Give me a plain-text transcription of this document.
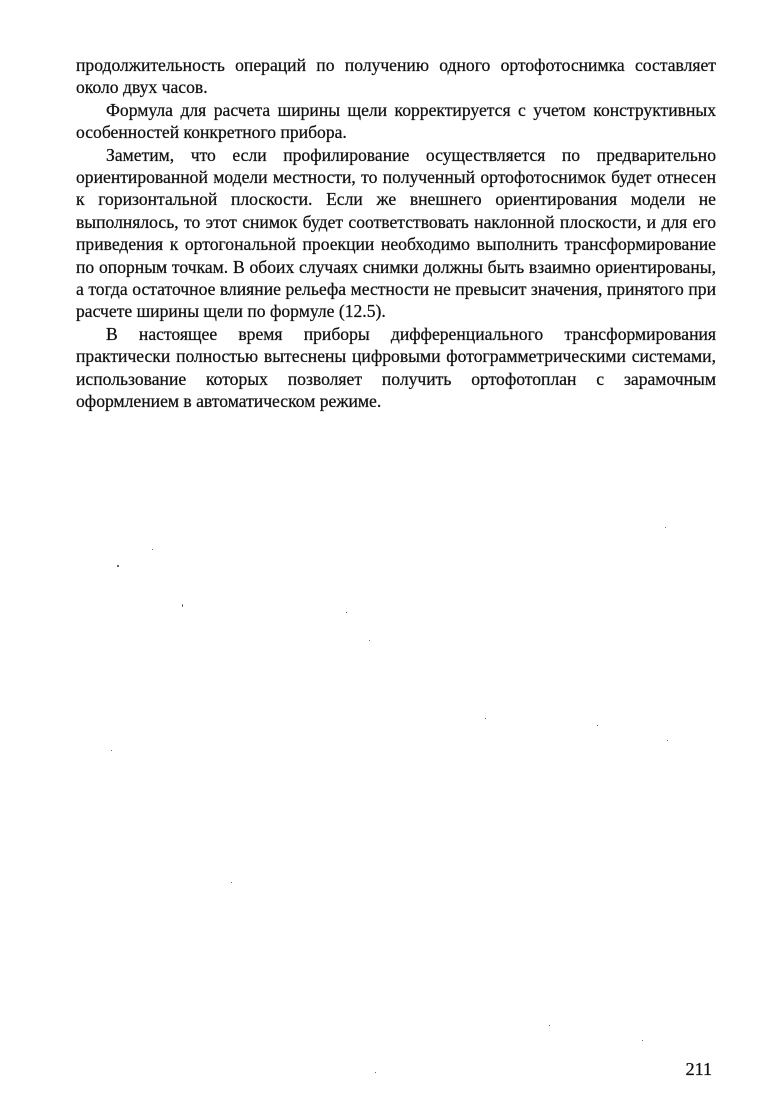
продолжительность операций по получению одного ортофотоснимка составляет около двух часов.

Формула для расчета ширины щели корректируется с учетом конструктивных особенностей конкретного прибора.

Заметим, что если профилирование осуществляется по предварительно ориентированной модели местности, то полученный ортофотоснимок будет отнесен к горизонтальной плоскости. Если же внешнего ориентирования модели не выполнялось, то этот снимок будет соответствовать наклонной плоскости, и для его приведения к ортогональной проекции необходимо выполнить трансформирование по опорным точкам. В обоих случаях снимки должны быть взаимно ориентированы, а тогда остаточное влияние рельефа местности не превысит значения, принятого при расчете ширины щели по формуле (12.5).

В настоящее время приборы дифференциального трансформирования практически полностью вытеснены цифровыми фотограмметрическими системами, использование которых позволяет получить ортофотоплан с зарамочным оформлением в автоматическом режиме.

211
